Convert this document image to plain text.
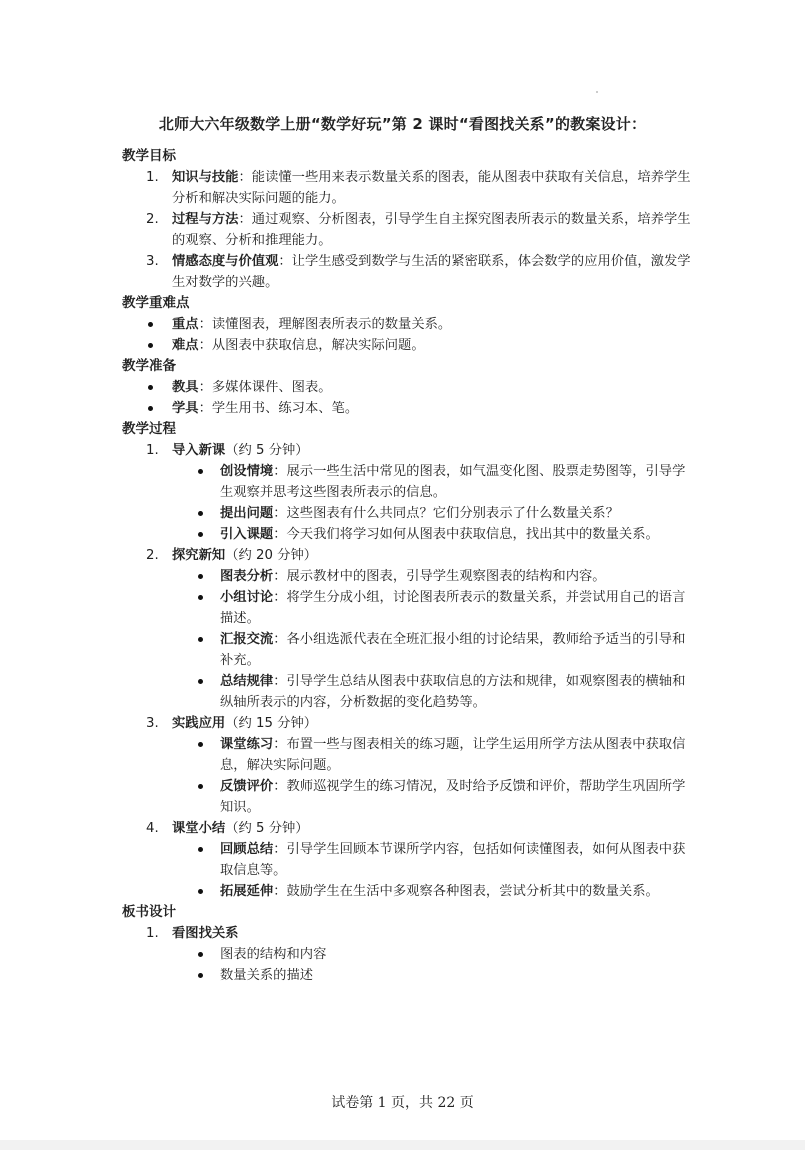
北师大六年级数学上册“数学好玩”第 2 课时“看图找关系”的教案设计：
教学目标
1.	知识与技能：能读懂一些用来表示数量关系的图表，能从图表中获取有关信息，培养学生分析和解决实际问题的能力。
2.	过程与方法：通过观察、分析图表，引导学生自主探究图表所表示的数量关系，培养学生的观察、分析和推理能力。
3.	情感态度与价值观：让学生感受到数学与生活的紧密联系，体会数学的应用价值，激发学生对数学的兴趣。
教学重难点
重点：读懂图表，理解图表所表示的数量关系。
难点：从图表中获取信息，解决实际问题。
教学准备
教具：多媒体课件、图表。
学具：学生用书、练习本、笔。
教学过程
1.	导入新课（约 5 分钟）
创设情境：展示一些生活中常见的图表，如气温变化图、股票走势图等，引导学生观察并思考这些图表所表示的信息。
提出问题：这些图表有什么共同点？它们分别表示了什么数量关系？
引入课题：今天我们将学习如何从图表中获取信息，找出其中的数量关系。
2.	探究新知（约 20 分钟）
图表分析：展示教材中的图表，引导学生观察图表的结构和内容。
小组讨论：将学生分成小组，讨论图表所表示的数量关系，并尝试用自己的语言描述。
汇报交流：各小组选派代表在全班汇报小组的讨论结果，教师给予适当的引导和补充。
总结规律：引导学生总结从图表中获取信息的方法和规律，如观察图表的横轴和纵轴所表示的内容，分析数据的变化趋势等。
3.	实践应用（约 15 分钟）
课堂练习：布置一些与图表相关的练习题，让学生运用所学方法从图表中获取信息，解决实际问题。
反馈评价：教师巡视学生的练习情况，及时给予反馈和评价，帮助学生巩固所学知识。
4.	课堂小结（约 5 分钟）
回顾总结：引导学生回顾本节课所学内容，包括如何读懂图表，如何从图表中获取信息等。
拓展延伸：鼓励学生在生活中多观察各种图表，尝试分析其中的数量关系。
板书设计
1.	看图找关系
图表的结构和内容
数量关系的描述
试卷第 1 页，共 22 页
